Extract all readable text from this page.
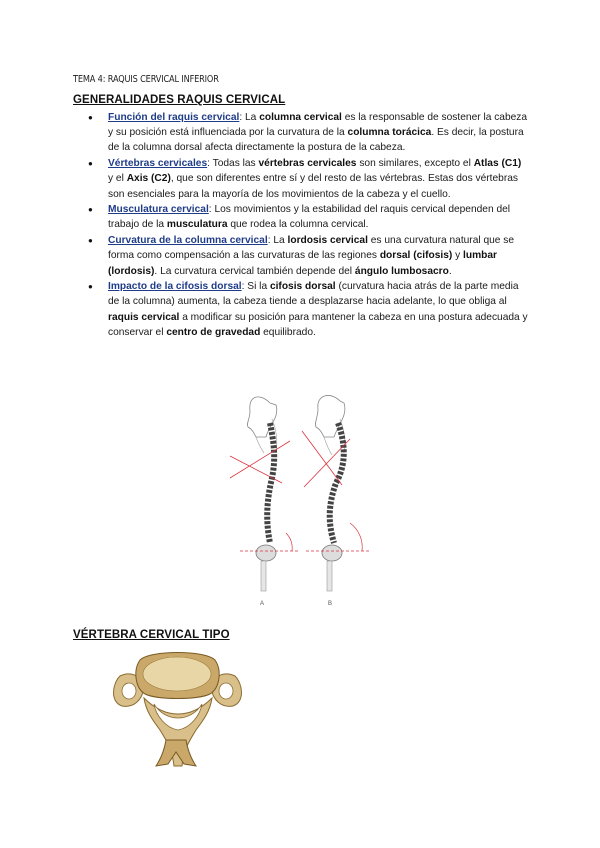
TEMA 4: RAQUIS CERVICAL INFERIOR
GENERALIDADES RAQUIS CERVICAL
● Función del raquis cervical: La columna cervical es la responsable de sostener la cabeza y su posición está influenciada por la curvatura de la columna torácica. Es decir, la postura de la columna dorsal afecta directamente la postura de la cabeza.
● Vértebras cervicales: Todas las vértebras cervicales son similares, excepto el Atlas (C1) y el Axis (C2), que son diferentes entre sí y del resto de las vértebras. Estas dos vértebras son esenciales para la mayoría de los movimientos de la cabeza y el cuello.
● Musculatura cervical: Los movimientos y la estabilidad del raquis cervical dependen del trabajo de la musculatura que rodea la columna cervical.
● Curvatura de la columna cervical: La lordosis cervical es una curvatura natural que se forma como compensación a las curvaturas de las regiones dorsal (cifosis) y lumbar (lordosis). La curvatura cervical también depende del ángulo lumbosacro.
● Impacto de la cifosis dorsal: Si la cifosis dorsal (curvatura hacia atrás de la parte media de la columna) aumenta, la cabeza tiende a desplazarse hacia adelante, lo que obliga al raquis cervical a modificar su posición para mantener la cabeza en una postura adecuada y conservar el centro de gravedad equilibrado.
A	B
VÉRTEBRA CERVICAL TIPO
